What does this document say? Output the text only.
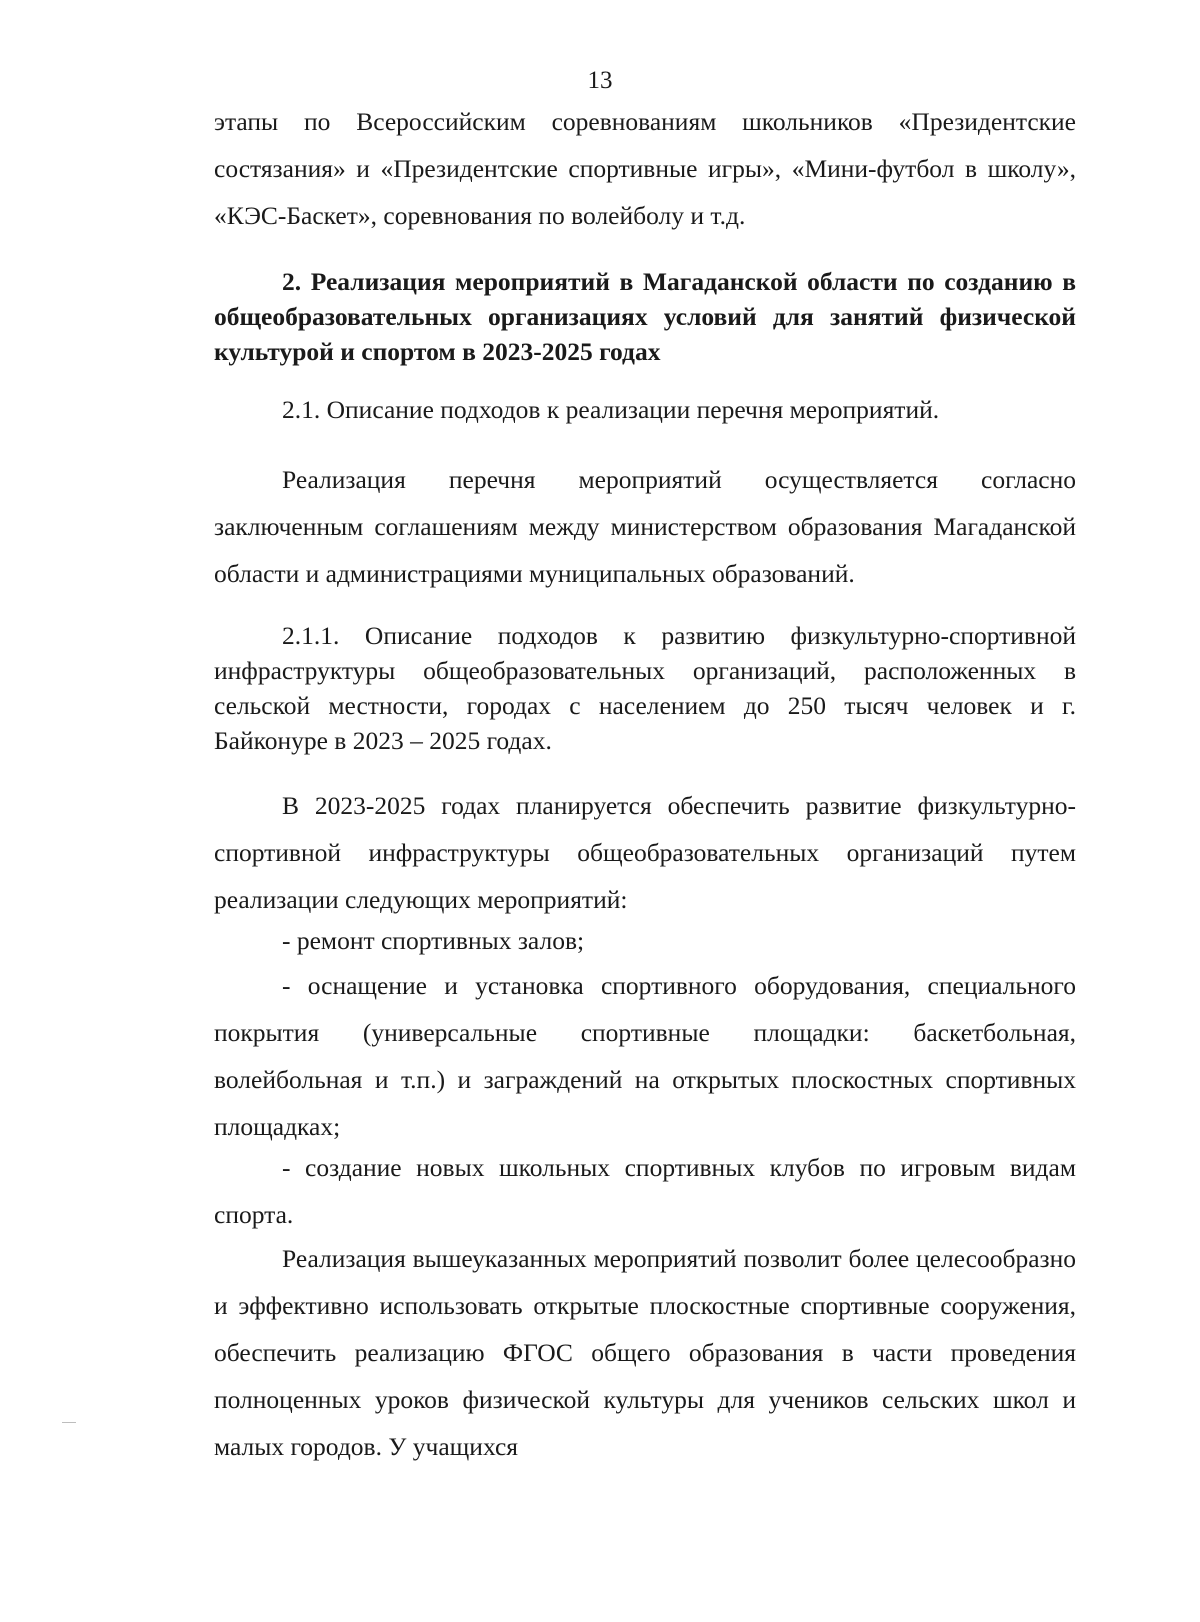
13
этапы по Всероссийским соревнованиям школьников «Президентские состязания» и «Президентские спортивные игры», «Мини-футбол в школу», «КЭС-Баскет», соревнования по волейболу и т.д.
2. Реализация мероприятий в Магаданской области по созданию в общеобразовательных организациях условий для занятий физической культурой и спортом в 2023-2025 годах
2.1. Описание подходов к реализации перечня мероприятий.
Реализация перечня мероприятий осуществляется согласно заключенным соглашениям между министерством образования Магаданской области и администрациями муниципальных образований.
2.1.1. Описание подходов к развитию физкультурно-спортивной инфраструктуры общеобразовательных организаций, расположенных в сельской местности, городах с населением до 250 тысяч человек и г. Байконуре в 2023 – 2025 годах.
В 2023-2025 годах планируется обеспечить развитие физкультурно-спортивной инфраструктуры общеобразовательных организаций путем реализации следующих мероприятий:
- ремонт спортивных залов;
- оснащение и установка спортивного оборудования, специального покрытия (универсальные спортивные площадки: баскетбольная, волейбольная и т.п.) и заграждений на открытых плоскостных спортивных площадках;
- создание новых школьных спортивных клубов по игровым видам спорта.
Реализация вышеуказанных мероприятий позволит более целесообразно и эффективно использовать открытые плоскостные спортивные сооружения, обеспечить реализацию ФГОС общего образования в части проведения полноценных уроков физической культуры для учеников сельских школ и малых городов. У учащихся
